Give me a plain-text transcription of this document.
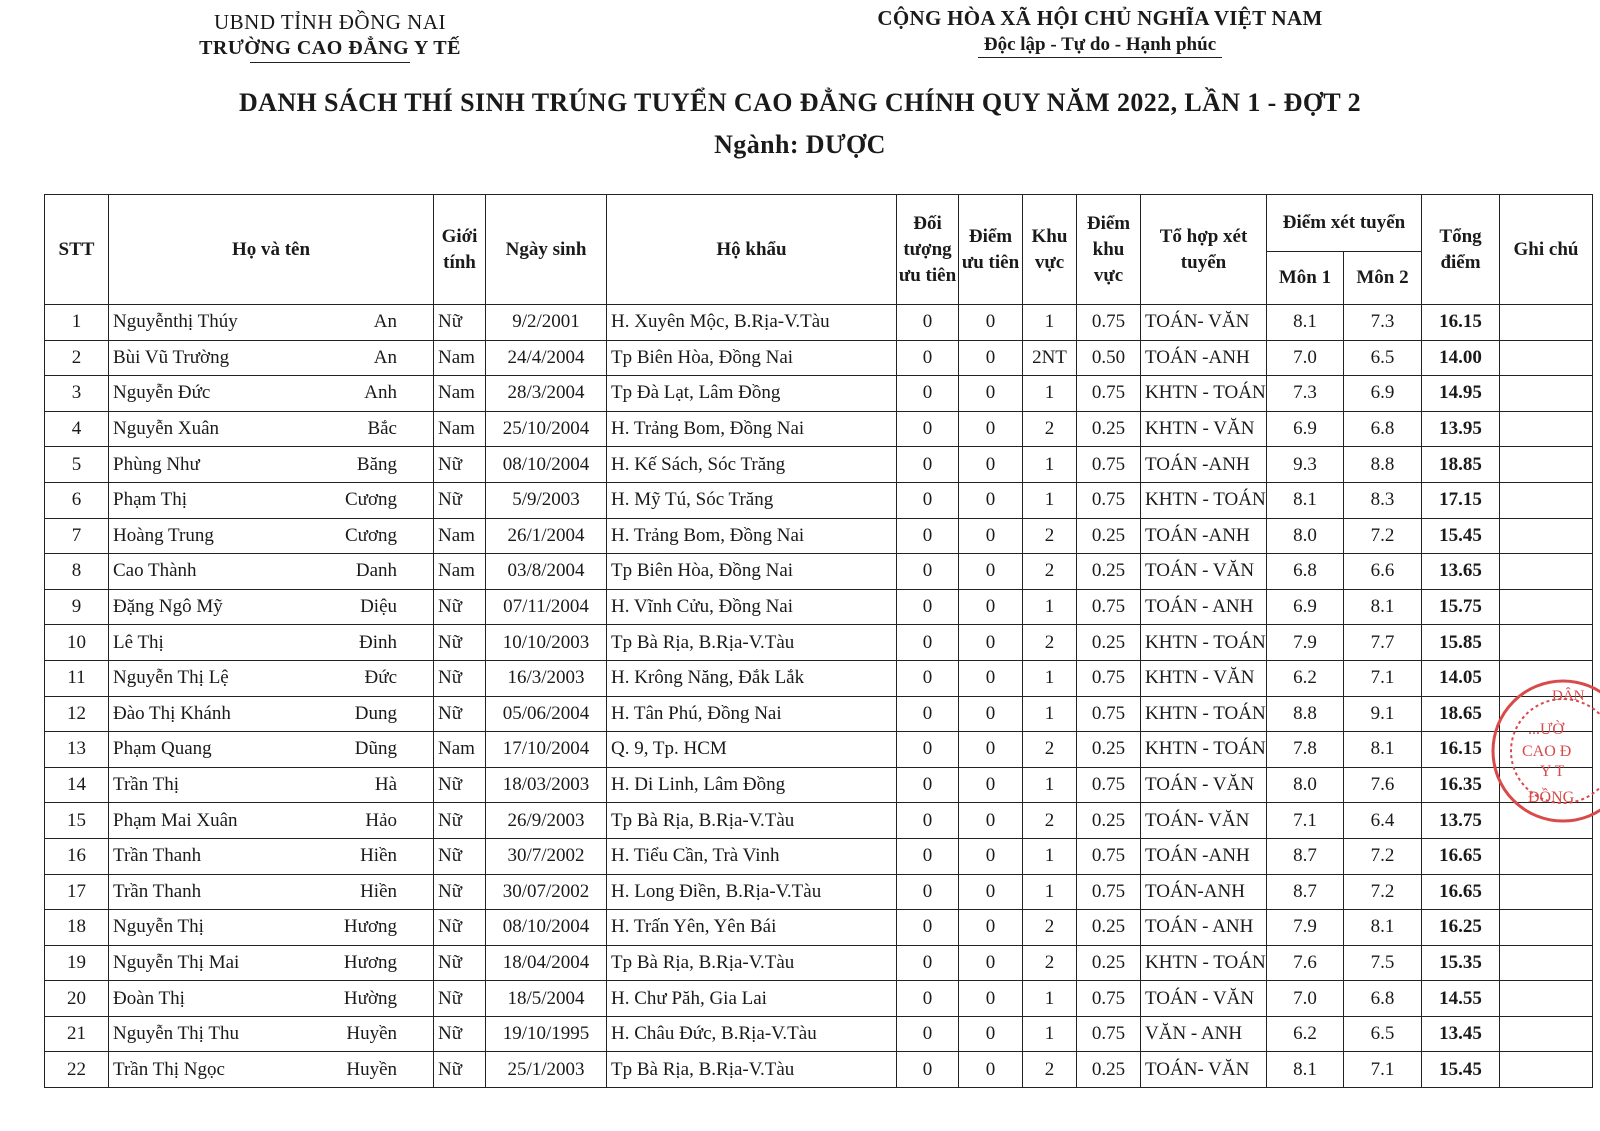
UBND TỈNH ĐỒNG NAI
TRƯỜNG CAO ĐẲNG Y TẾ
CỘNG HÒA XÃ HỘI CHỦ NGHĨA VIỆT NAM
Độc lập - Tự do - Hạnh phúc
DANH SÁCH THÍ SINH TRÚNG TUYỂN CAO ĐẲNG CHÍNH QUY NĂM 2022, LẦN 1 - ĐỢT 2
Ngành: DƯỢC
STT	Họ và tên	Giới tính	Ngày sinh	Hộ khẩu	Đối tượng ưu tiên	Điểm ưu tiên	Khu vực	Điểm khu vực	Tổ hợp xét tuyển	Điểm xét tuyển		Tổng điểm	Ghi chú
										Môn 1	Môn 2		
1	Nguyễnthị Thúy An	Nữ	9/2/2001	H. Xuyên Mộc, B.Rịa-V.Tàu	0	0	1	0.75	TOÁN- VĂN	8.1	7.3	16.15	
2	Bùi Vũ Trường An	Nam	24/4/2004	Tp Biên Hòa, Đồng Nai	0	0	2NT	0.50	TOÁN -ANH	7.0	6.5	14.00	
3	Nguyễn Đức Anh	Nam	28/3/2004	Tp Đà Lạt, Lâm Đồng	0	0	1	0.75	KHTN - TOÁN	7.3	6.9	14.95	
4	Nguyễn Xuân Bắc	Nam	25/10/2004	H. Trảng Bom, Đồng Nai	0	0	2	0.25	KHTN - VĂN	6.9	6.8	13.95	
5	Phùng Như Băng	Nữ	08/10/2004	H. Kế Sách, Sóc Trăng	0	0	1	0.75	TOÁN -ANH	9.3	8.8	18.85	
6	Phạm Thị Cương	Nữ	5/9/2003	H. Mỹ Tú, Sóc Trăng	0	0	1	0.75	KHTN - TOÁN	8.1	8.3	17.15	
7	Hoàng Trung Cương	Nam	26/1/2004	H. Trảng Bom, Đồng Nai	0	0	2	0.25	TOÁN -ANH	8.0	7.2	15.45	
8	Cao Thành Danh	Nam	03/8/2004	Tp Biên Hòa, Đồng Nai	0	0	2	0.25	TOÁN - VĂN	6.8	6.6	13.65	
9	Đặng Ngô Mỹ Diệu	Nữ	07/11/2004	H. Vĩnh Cửu, Đồng Nai	0	0	1	0.75	TOÁN - ANH	6.9	8.1	15.75	
10	Lê Thị Đinh	Nữ	10/10/2003	Tp Bà Rịa, B.Rịa-V.Tàu	0	0	2	0.25	KHTN - TOÁN	7.9	7.7	15.85	
11	Nguyễn Thị Lệ Đức	Nữ	16/3/2003	H. Krông Năng, Đắk Lắk	0	0	1	0.75	KHTN - VĂN	6.2	7.1	14.05	
12	Đào Thị Khánh Dung	Nữ	05/06/2004	H. Tân Phú, Đồng Nai	0	0	1	0.75	KHTN - TOÁN	8.8	9.1	18.65	
13	Phạm Quang Dũng	Nam	17/10/2004	Q. 9, Tp. HCM	0	0	2	0.25	KHTN - TOÁN	7.8	8.1	16.15	
14	Trần Thị Hà	Nữ	18/03/2003	H. Di Linh, Lâm Đồng	0	0	1	0.75	TOÁN - VĂN	8.0	7.6	16.35	
15	Phạm Mai Xuân Hảo	Nữ	26/9/2003	Tp Bà Rịa, B.Rịa-V.Tàu	0	0	2	0.25	TOÁN- VĂN	7.1	6.4	13.75	
16	Trần Thanh Hiền	Nữ	30/7/2002	H. Tiểu Cần, Trà Vinh	0	0	1	0.75	TOÁN -ANH	8.7	7.2	16.65	
17	Trần Thanh Hiền	Nữ	30/07/2002	H. Long Điền, B.Rịa-V.Tàu	0	0	1	0.75	TOÁN-ANH	8.7	7.2	16.65	
18	Nguyễn Thị Hương	Nữ	08/10/2004	H. Trấn Yên, Yên Bái	0	0	2	0.25	TOÁN - ANH	7.9	8.1	16.25	
19	Nguyễn Thị Mai Hương	Nữ	18/04/2004	Tp Bà Rịa, B.Rịa-V.Tàu	0	0	2	0.25	KHTN - TOÁN	7.6	7.5	15.35	
20	Đoàn Thị Hường	Nữ	18/5/2004	H. Chư Păh, Gia Lai	0	0	1	0.75	TOÁN - VĂN	7.0	6.8	14.55	
21	Nguyễn Thị Thu Huyền	Nữ	19/10/1995	H. Châu Đức, B.Rịa-V.Tàu	0	0	1	0.75	VĂN - ANH	6.2	6.5	13.45	
22	Trần Thị Ngọc Huyền	Nữ	25/1/2003	Tp Bà Rịa, B.Rịa-V.Tàu	0	0	2	0.25	TOÁN- VĂN	8.1	7.1	15.45	
DÂN
...ƯỜ
CAO Đ
Y T
ĐỒNG
